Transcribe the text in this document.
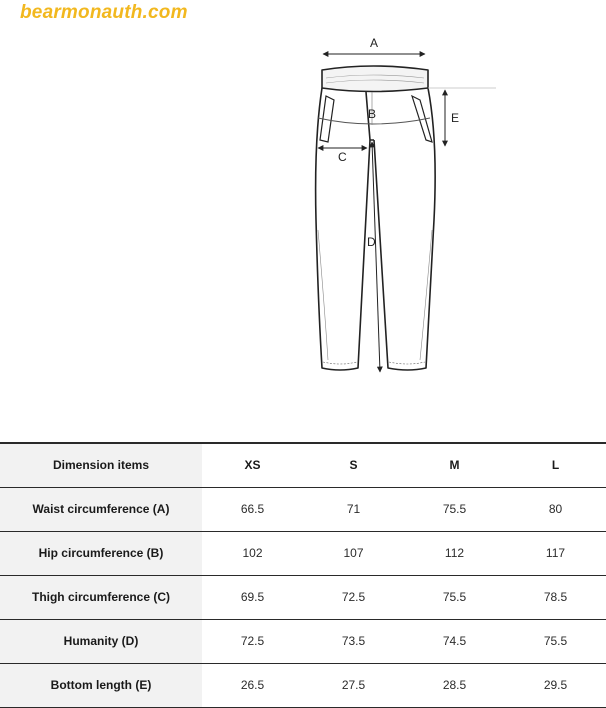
bearmonauth.com
A
B
C
D
E
Dimension items	XS	S	M	L
Waist circumference (A)	66.5	71	75.5	80
Hip circumference (B)	102	107	112	117
Thigh circumference (C)	69.5	72.5	75.5	78.5
Humanity (D)	72.5	73.5	74.5	75.5
Bottom length (E)	26.5	27.5	28.5	29.5
